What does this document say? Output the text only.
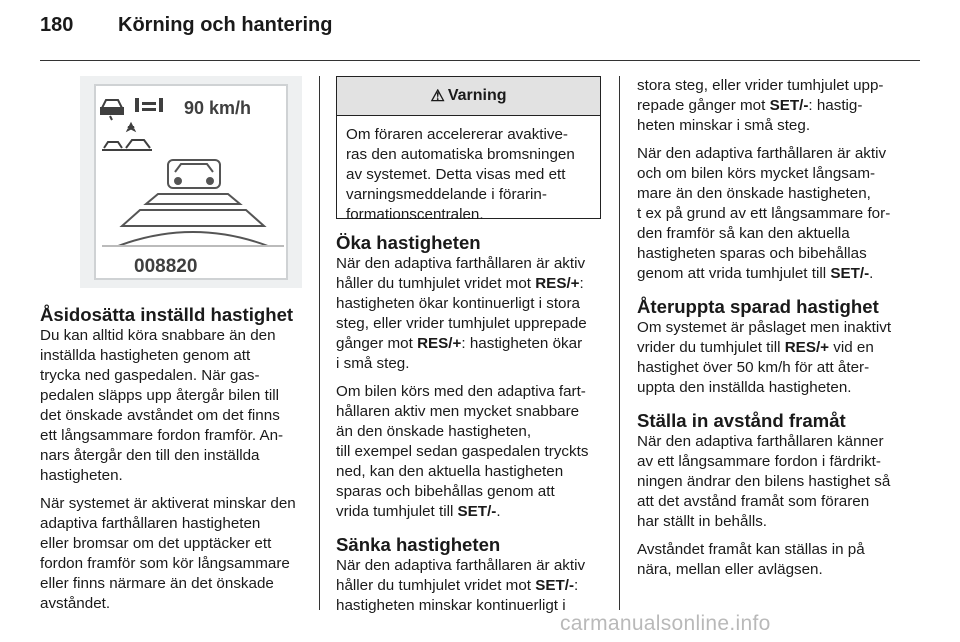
180 Körning och hantering
90 km/h
008820
Åsidosätta inställd hastighet

Du kan alltid köra snabbare än den
inställda hastigheten genom att
trycka ned gaspedalen. När gas-
pedalen släpps upp återgår bilen till
det önskade avståndet om det finns
ett långsammare fordon framför. An-
nars återgår den till den inställda
hastigheten.

När systemet är aktiverat minskar den
adaptiva farthållaren hastigheten
eller bromsar om det upptäcker ett
fordon framför som kör långsammare
eller finns närmare än det önskade
avståndet.

⚠ Varning
Om föraren accelererar avaktive-
ras den automatiska bromsningen
av systemet. Detta visas med ett
varningsmeddelande i förarin-
formationscentralen.
Öka hastigheten

När den adaptiva farthållaren är aktiv
håller du tumhjulet vridet mot RES/+:
hastigheten ökar kontinuerligt i stora
steg, eller vrider tumhjulet upprepade
gånger mot RES/+: hastigheten ökar
i små steg.

Om bilen körs med den adaptiva fart-
hållaren aktiv men mycket snabbare
än den önskade hastigheten,
till exempel sedan gaspedalen tryckts
ned, kan den aktuella hastigheten
sparas och bibehållas genom att
vrida tumhjulet till SET/-.

Sänka hastigheten

När den adaptiva farthållaren är aktiv
håller du tumhjulet vridet mot SET/-:
hastigheten minskar kontinuerligt i

stora steg, eller vrider tumhjulet upp-
repade gånger mot SET/-: hastig-
heten minskar i små steg.

När den adaptiva farthållaren är aktiv
och om bilen körs mycket långsam-
mare än den önskade hastigheten,
t ex på grund av ett långsammare for-
den framför så kan den aktuella
hastigheten sparas och bibehållas
genom att vrida tumhjulet till SET/-.

Återuppta sparad hastighet

Om systemet är påslaget men inaktivt
vrider du tumhjulet till RES/+ vid en
hastighet över 50 km/h för att åter-
uppta den inställda hastigheten.

Ställa in avstånd framåt

När den adaptiva farthållaren känner
av ett långsammare fordon i färdrikt-
ningen ändrar den bilens hastighet så
att det avstånd framåt som föraren
har ställt in behålls.

Avståndet framåt kan ställas in på
nära, mellan eller avlägsen.

carmanualsonline.info
